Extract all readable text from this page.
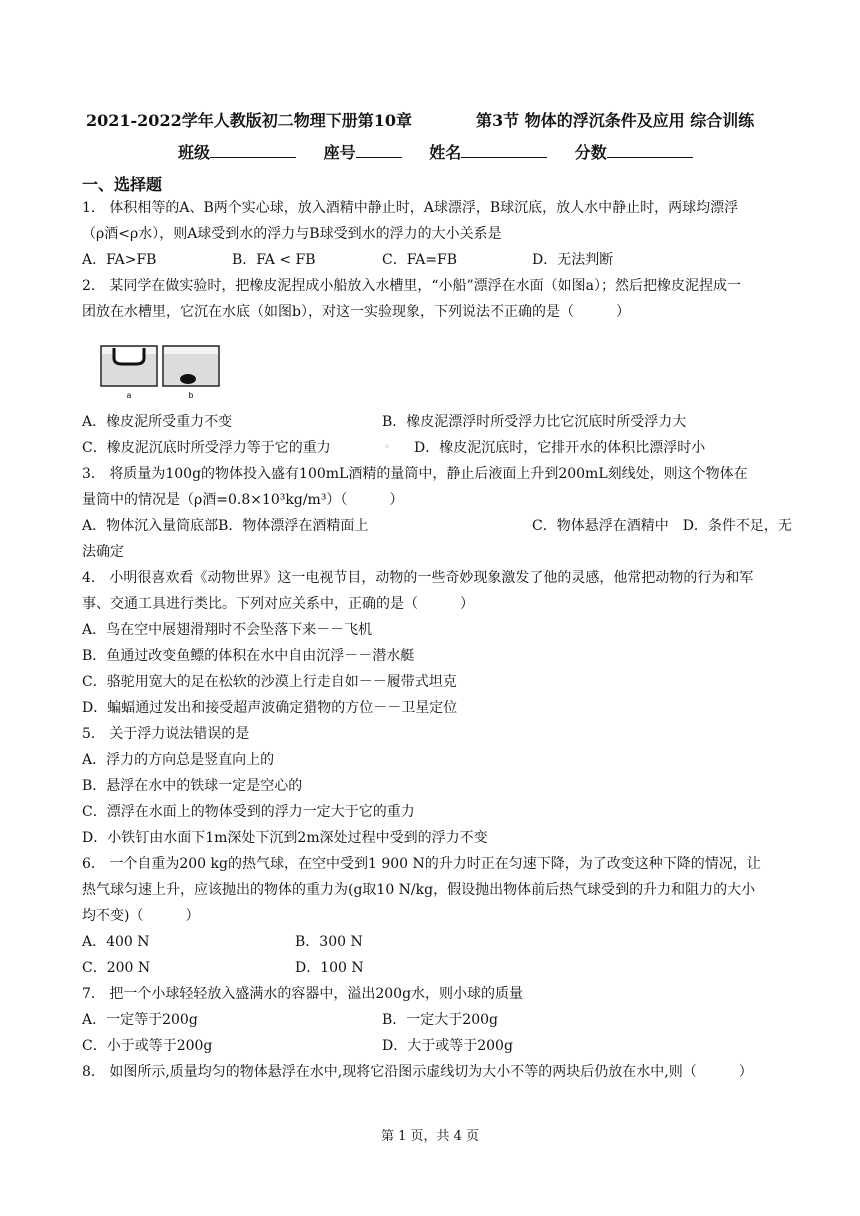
2021-2022学年人教版初二物理下册第10章	第3节 物体的浮沉条件及应用 综合训练
班级	座号	姓名	分数
一、选择题
1． 体积相等的A、B两个实心球，放入酒精中静止时，A球漂浮，B球沉底，放人水中静止时，两球均漂浮
（ρ酒<ρ水），则A球受到水的浮力与B球受到水的浮力的大小关系是
A．FA>FB	B．FA < FB	C．FA=FB	D．无法判断
2． 某同学在做实验时，把橡皮泥捏成小船放入水槽里，“小船”漂浮在水面（如图a）；然后把橡皮泥捏成一
团放在水槽里，它沉在水底（如图b），对这一实验现象，下列说法不正确的是（　　　）
a	b
A．橡皮泥所受重力不变	B．橡皮泥漂浮时所受浮力比它沉底时所受浮力大
C．橡皮泥沉底时所受浮力等于它的重力	◦ D．橡皮泥沉底时，它排开水的体积比漂浮时小
3． 将质量为100g的物体投入盛有100mL酒精的量筒中，静止后液面上升到200mL刻线处，则这个物体在
量筒中的情况是（ρ酒=0.8×10³kg/m³）（　　　）
A．物体沉入量筒底部B．物体漂浮在酒精面上	C．物体悬浮在酒精中　D．条件不足，无
法确定
4． 小明很喜欢看《动物世界》这一电视节目，动物的一些奇妙现象激发了他的灵感，他常把动物的行为和军
事、交通工具进行类比。下列对应关系中，正确的是（　　　）
A．鸟在空中展翅滑翔时不会坠落下来－－飞机
B．鱼通过改变鱼鳔的体积在水中自由沉浮－－潜水艇
C．骆驼用宽大的足在松软的沙漠上行走自如－－履带式坦克
D．蝙蝠通过发出和接受超声波确定猎物的方位－－卫星定位
5． 关于浮力说法错误的是
A．浮力的方向总是竖直向上的
B．悬浮在水中的铁球一定是空心的
C．漂浮在水面上的物体受到的浮力一定大于它的重力
D．小铁钉由水面下1m深处下沉到2m深处过程中受到的浮力不变
6． 一个自重为200 kg的热气球，在空中受到1 900 N的升力时正在匀速下降，为了改变这种下降的情况，让
热气球匀速上升，应该抛出的物体的重力为(g取10 N/kg，假设抛出物体前后热气球受到的升力和阻力的大小
均不变)（　　　）
A．400 N	B．300 N
C．200 N	D．100 N
7． 把一个小球轻轻放入盛满水的容器中，溢出200g水，则小球的质量
A．一定等于200g	B．一定大于200g
C．小于或等于200g	D．大于或等于200g
8． 如图所示,质量均匀的物体悬浮在水中,现将它沿图示虚线切为大小不等的两块后仍放在水中,则（　　　）
第 1 页，共 4 页
